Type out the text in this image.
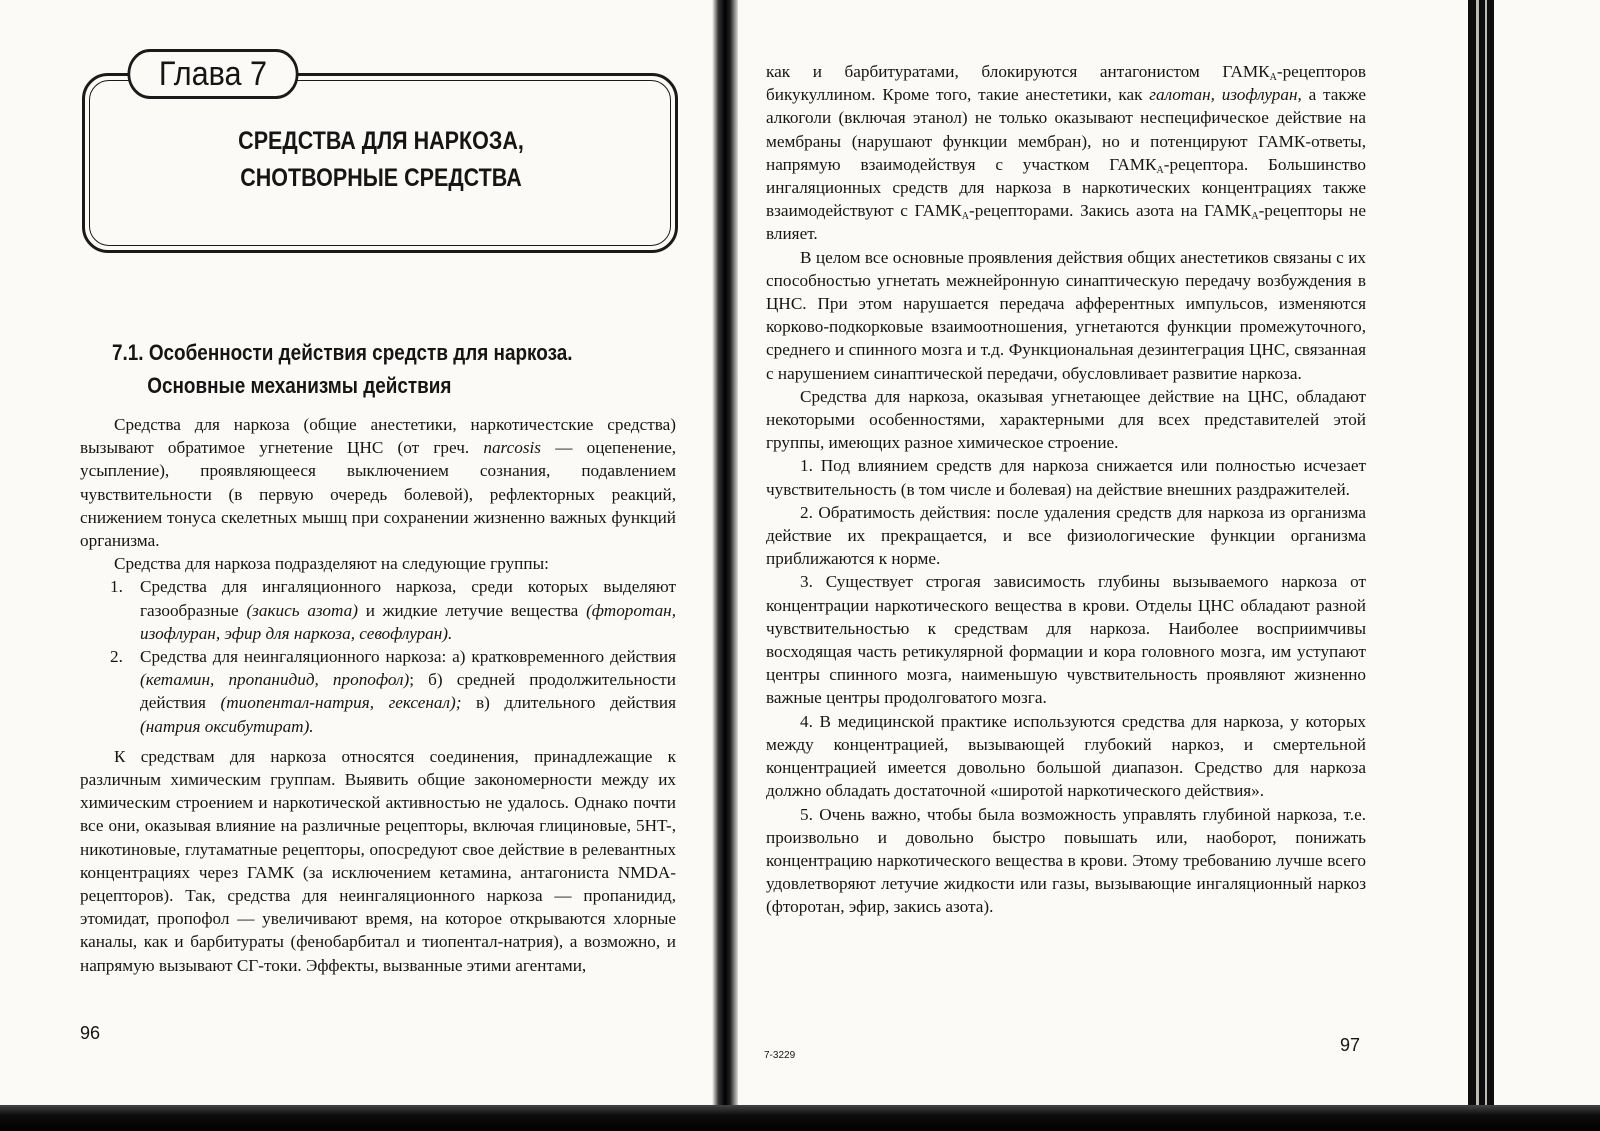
Глава 7
СРЕДСТВА ДЛЯ НАРКОЗА,
СНОТВОРНЫЕ СРЕДСТВА
7.1. Особенности действия средств для наркоза.
Основные механизмы действия

Средства для наркоза (общие анестетики, наркотичестские средства) вызывают обратимое угнетение ЦНС (от греч. narcosis — оцепенение, усыпление), проявляющееся выключением сознания, подавлением чувствительности (в первую очередь болевой), рефлекторных реакций, снижением тонуса скелетных мышц при сохранении жизненно важных функций организма.

Средства для наркоза подразделяют на следующие группы:

1. Средства для ингаляционного наркоза, среди которых выделяют газообразные (закись азота) и жидкие летучие вещества (фторотан, изофлуран, эфир для наркоза, севофлуран).
2. Средства для неингаляционного наркоза: а) кратковременного действия (кетамин, пропанидид, пропофол); б) средней продолжительности действия (тиопентал-натрия, гексенал); в) длительного действия (натрия оксибутират).

К средствам для наркоза относятся соединения, принадлежащие к различным химическим группам. Выявить общие закономерности между их химическим строением и наркотической активностью не удалось. Однако почти все они, оказывая влияние на различные рецепторы, включая глициновые, 5HT-, никотиновые, глутаматные рецепторы, опосредуют свое действие в релевантных концентрациях через ГАМК (за исключением кетамина, антагониста NMDA-рецепторов). Так, средства для неингаляционного наркоза — пропанидид, этомидат, пропофол — увеличивают время, на которое открываются хлорные каналы, как и барбитураты (фенобарбитал и тиопентал-натрия), а возможно, и напрямую вызывают СГ-токи. Эффекты, вызванные этими агентами,

96

как и барбитуратами, блокируются антагонистом $ГАМК_A$-рецепторов бикукуллином. Кроме того, такие анестетики, как галотан, изофлуран, а также алкоголи (включая этанол) не только оказывают неспецифическое действие на мембраны (нарушают функции мембран), но и потенцируют ГАМК-ответы, напрямую взаимодействуя с участком $ГАМК_A$-рецептора. Большинство ингаляционных средств для наркоза в наркотических концентрациях также взаимодействуют с $ГАМК_A$-рецепторами. Закись азота на $ГАМК_A$-рецепторы не влияет.

В целом все основные проявления действия общих анестетиков связаны с их способностью угнетать межнейронную синаптическую передачу возбуждения в ЦНС. При этом нарушается передача афферентных импульсов, изменяются корково-подкорковые взаимоотношения, угнетаются функции промежуточного, среднего и спинного мозга и т.д. Функциональная дезинтеграция ЦНС, связанная с нарушением синаптической передачи, обусловливает развитие наркоза.

Средства для наркоза, оказывая угнетающее действие на ЦНС, обладают некоторыми особенностями, характерными для всех представителей этой группы, имеющих разное химическое строение.

1. Под влиянием средств для наркоза снижается или полностью исчезает чувствительность (в том числе и болевая) на действие внешних раздражителей.

2. Обратимость действия: после удаления средств для наркоза из организма действие их прекращается, и все физиологические функции организма приближаются к норме.

3. Существует строгая зависимость глубины вызываемого наркоза от концентрации наркотического вещества в крови. Отделы ЦНС обладают разной чувствительностью к средствам для наркоза. Наиболее восприимчивы восходящая часть ретикулярной формации и кора головного мозга, им уступают центры спинного мозга, наименьшую чувствительность проявляют жизненно важные центры продолговатого мозга.

4. В медицинской практике используются средства для наркоза, у которых между концентрацией, вызывающей глубокий наркоз, и смертельной концентрацией имеется довольно большой диапазон. Средство для наркоза должно обладать достаточной «широтой наркотического действия».

5. Очень важно, чтобы была возможность управлять глубиной наркоза, т.е. произвольно и довольно быстро повышать или, наоборот, понижать концентрацию наркотического вещества в крови. Этому требованию лучше всего удовлетворяют летучие жидкости или газы, вызывающие ингаляционный наркоз (фторотан, эфир, закись азота).

7-3229
97
